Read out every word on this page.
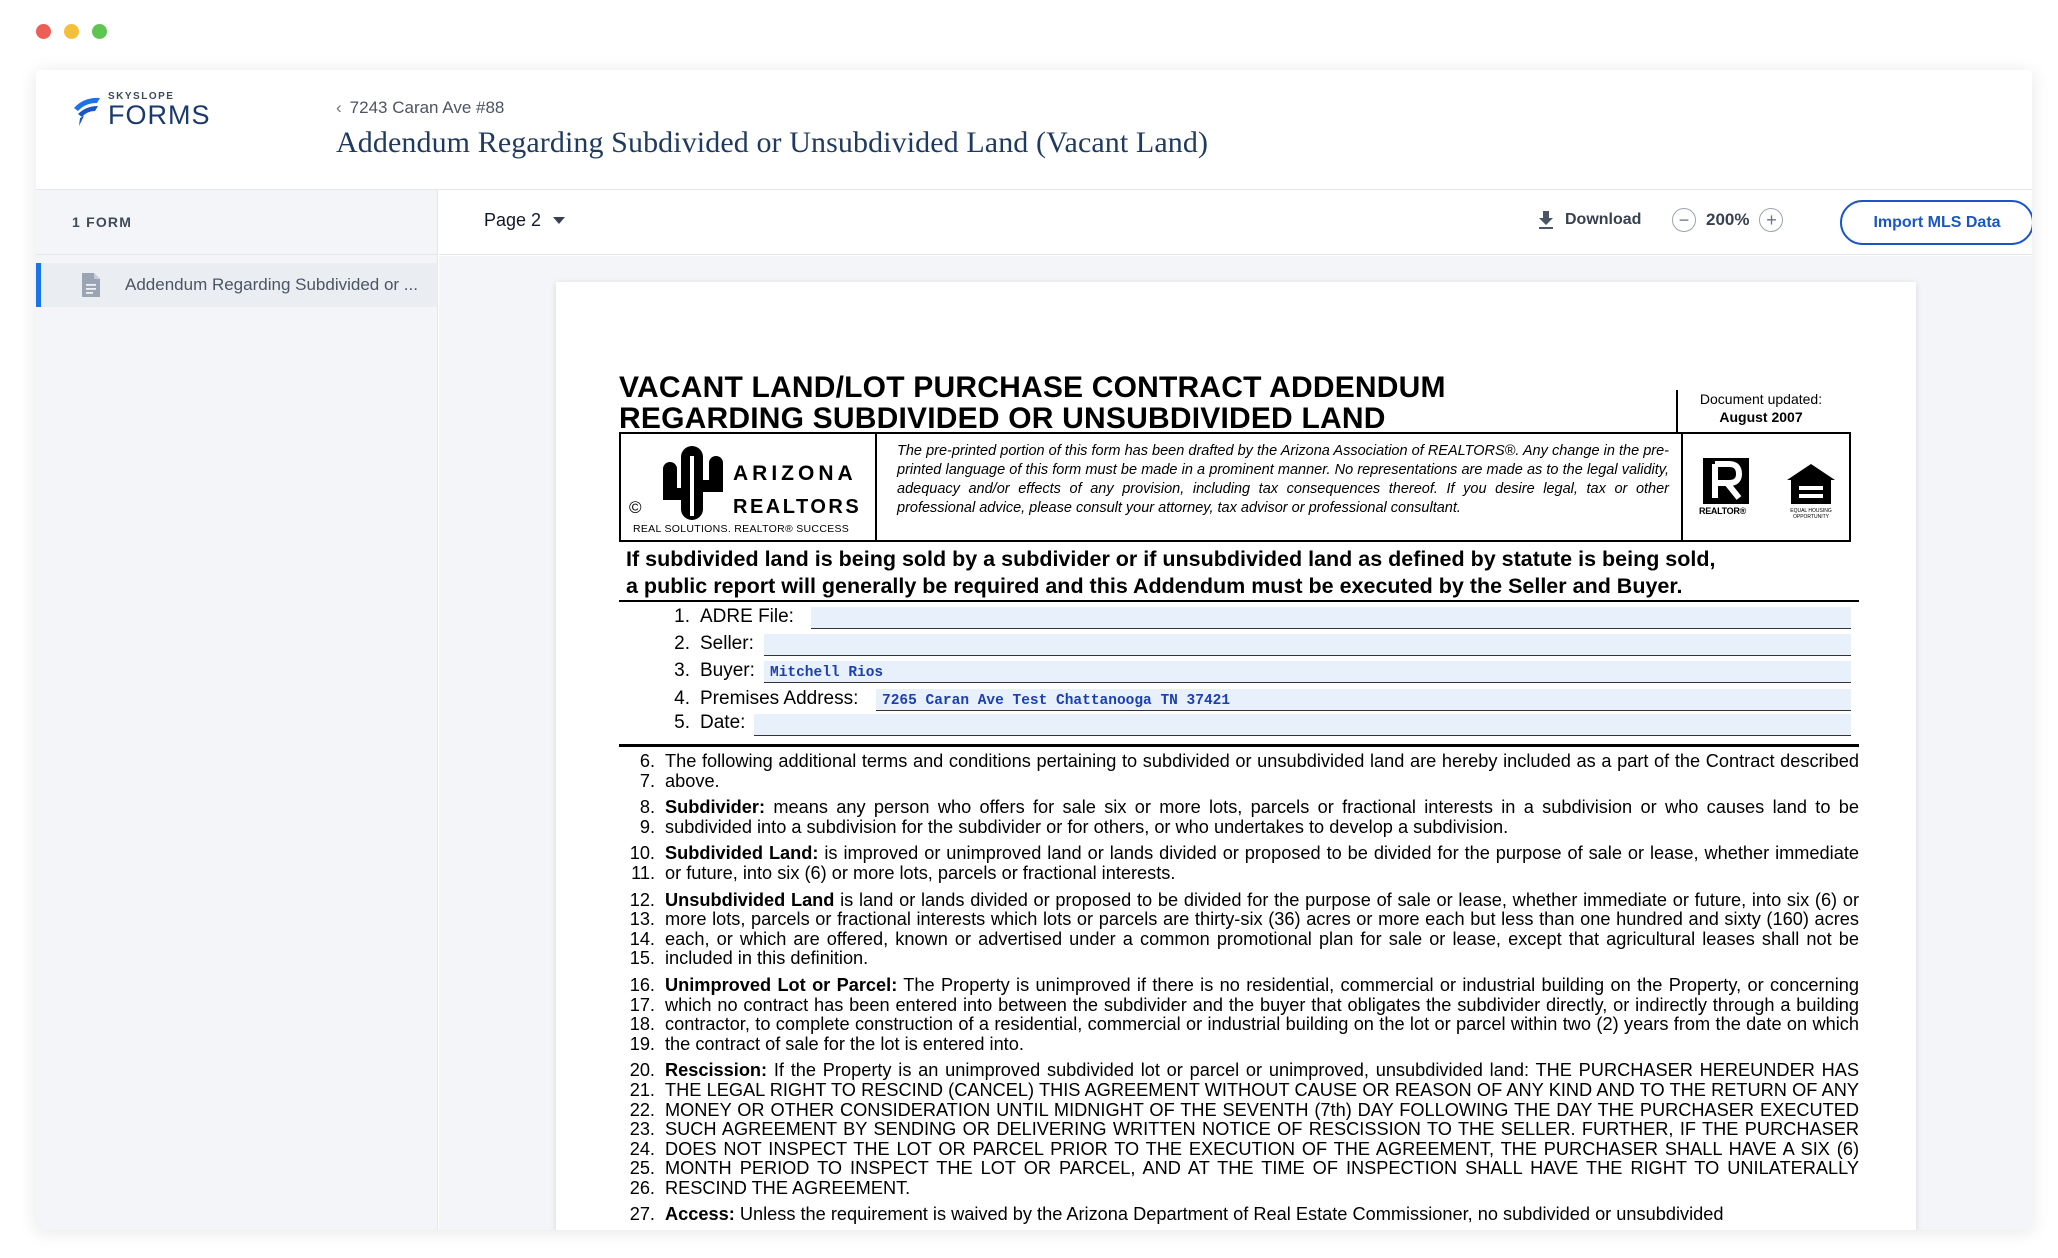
SKYSLOPE
FORMS	‹ 7243 Caran Ave #88
Addendum Regarding Subdivided or Unsubdivided Land (Vacant Land)
1 FORM
Addendum Regarding Subdivided or ...
Page 2	Download	− 200% +	Import MLS Data
VACANT LAND/LOT PURCHASE CONTRACT ADDENDUM
REGARDING SUBDIVIDED OR UNSUBDIVIDED LAND
Document updated:
August 2007
ARIZONA
REALTORS
©
REAL SOLUTIONS. REALTOR® SUCCESS
The pre-printed portion of this form has been drafted by the Arizona Association of REALTORS®. Any change in the pre-printed language of this form must be made in a prominent manner. No representations are made as to the legal validity, adequacy and/or effects of any provision, including tax consequences thereof. If you desire legal, tax or other professional advice, please consult your attorney, tax advisor or professional consultant.	REALTOR®	EQUAL HOUSING OPPORTUNITY
If subdivided land is being sold by a subdivider or if unsubdivided land as defined by statute is being sold,
a public report will generally be required and this Addendum must be executed by the Seller and Buyer.
1. ADRE File:
2. Seller:
3. Buyer:	Mitchell Rios
4. Premises Address:	7265 Caran Ave Test Chattanooga TN 37421
5. Date:
6.
7.
The following additional terms and conditions pertaining to subdivided or unsubdivided land are hereby included as a part of the Contract described above.
8.
9.
Subdivider: means any person who offers for sale six or more lots, parcels or fractional interests in a subdivision or who causes land to be subdivided into a subdivision for the subdivider or for others, or who undertakes to develop a subdivision.
10.
11.
Subdivided Land: is improved or unimproved land or lands divided or proposed to be divided for the purpose of sale or lease, whether immediate or future, into six (6) or more lots, parcels or fractional interests.
12.
13.
14.
15.
Unsubdivided Land is land or lands divided or proposed to be divided for the purpose of sale or lease, whether immediate or future, into six (6) or more lots, parcels or fractional interests which lots or parcels are thirty-six (36) acres or more each but less than one hundred and sixty (160) acres each, or which are offered, known or advertised under a common promotional plan for sale or lease, except that agricultural leases shall not be included in this definition.
16.
17.
18.
19.
Unimproved Lot or Parcel: The Property is unimproved if there is no residential, commercial or industrial building on the Property, or concerning which no contract has been entered into between the subdivider and the buyer that obligates the subdivider directly, or indirectly through a building contractor, to complete construction of a residential, commercial or industrial building on the lot or parcel within two (2) years from the date on which the contract of sale for the lot is entered into.
20.
21.
22.
23.
24.
25.
26.
Rescission: If the Property is an unimproved subdivided lot or parcel or unimproved, unsubdivided land: THE PURCHASER HEREUNDER HAS THE LEGAL RIGHT TO RESCIND (CANCEL) THIS AGREEMENT WITHOUT CAUSE OR REASON OF ANY KIND AND TO THE RETURN OF ANY MONEY OR OTHER CONSIDERATION UNTIL MIDNIGHT OF THE SEVENTH (7th) DAY FOLLOWING THE DAY THE PURCHASER EXECUTED SUCH AGREEMENT BY SENDING OR DELIVERING WRITTEN NOTICE OF RESCISSION TO THE SELLER. FURTHER, IF THE PURCHASER DOES NOT INSPECT THE LOT OR PARCEL PRIOR TO THE EXECUTION OF THE AGREEMENT, THE PURCHASER SHALL HAVE A SIX (6) MONTH PERIOD TO INSPECT THE LOT OR PARCEL, AND AT THE TIME OF INSPECTION SHALL HAVE THE RIGHT TO UNILATERALLY RESCIND THE AGREEMENT.
27. Access: Unless the requirement is waived by the Arizona Department of Real Estate Commissioner, no subdivided or unsubdivided
